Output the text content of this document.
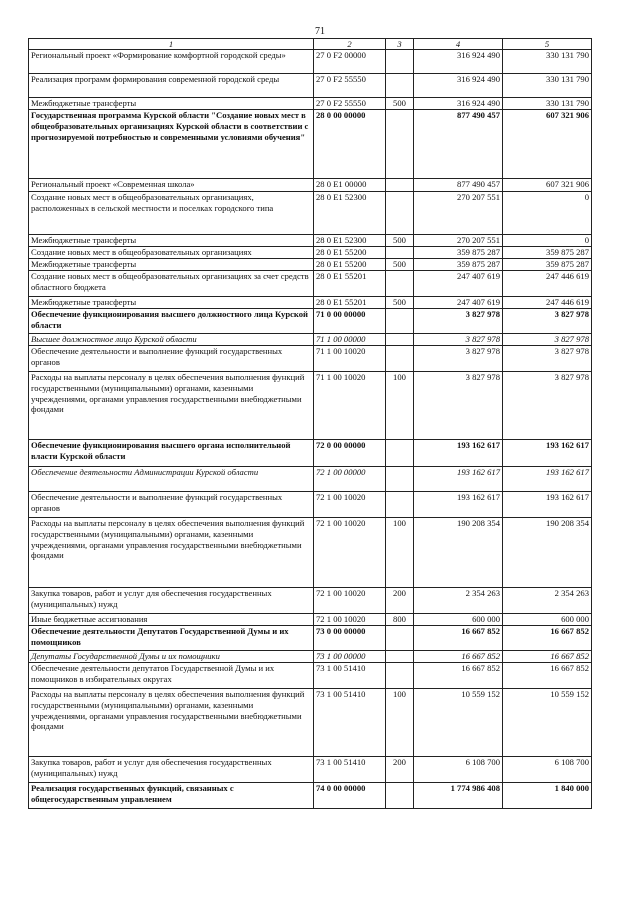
71
1	2	3	4	5
Региональный проект «Формирование комфортной городской среды»	27 0 F2 00000		316 924 490	330 131 790
Реализация программ формирования современной городской среды	27 0 F2 55550		316 924 490	330 131 790
Межбюджетные трансферты	27 0 F2 55550	500	316 924 490	330 131 790
Государственная программа Курской области "Создание новых мест в общеобразовательных организациях Курской области в соответствии с прогнозируемой потребностью и современными условиями обучения"	28 0 00 00000		877 490 457	607 321 906
Региональный проект «Современная школа»	28 0 E1 00000		877 490 457	607 321 906
Создание новых мест в общеобразовательных организациях, расположенных в сельской местности и поселках городского типа	28 0 E1 52300		270 207 551	0
Межбюджетные трансферты	28 0 E1 52300	500	270 207 551	0
Создание новых мест в общеобразовательных организациях	28 0 E1 55200		359 875 287	359 875 287
Межбюджетные трансферты	28 0 E1 55200	500	359 875 287	359 875 287
Создание новых мест в общеобразовательных организациях за счет средств областного бюджета	28 0 E1 55201		247 407 619	247 446 619
Межбюджетные трансферты	28 0 E1 55201	500	247 407 619	247 446 619
Обеспечение функционирования высшего должностного лица Курской области	71 0 00 00000		3 827 978	3 827 978
Высшее должностное лицо Курской области	71 1 00 00000		3 827 978	3 827 978
Обеспечение деятельности и выполнение функций государственных органов	71 1 00 10020		3 827 978	3 827 978
Расходы на выплаты персоналу в целях обеспечения выполнения функций государственными (муниципальными) органами, казенными учреждениями, органами управления государственными внебюджетными фондами	71 1 00 10020	100	3 827 978	3 827 978
Обеспечение функционирования высшего органа исполнительной власти Курской области	72 0 00 00000		193 162 617	193 162 617
Обеспечение деятельности Администрации Курской области	72 1 00 00000		193 162 617	193 162 617
Обеспечение деятельности и выполнение функций государственных органов	72 1 00 10020		193 162 617	193 162 617
Расходы на выплаты персоналу в целях обеспечения выполнения функций государственными (муниципальными) органами, казенными учреждениями, органами управления государственными внебюджетными фондами	72 1 00 10020	100	190 208 354	190 208 354
Закупка товаров, работ и услуг для обеспечения государственных (муниципальных) нужд	72 1 00 10020	200	2 354 263	2 354 263
Иные бюджетные ассигнования	72 1 00 10020	800	600 000	600 000
Обеспечение деятельности Депутатов Государственной Думы и их помощников	73 0 00 00000		16 667 852	16 667 852
Депутаты Государственной Думы и их помощники	73 1 00 00000		16 667 852	16 667 852
Обеспечение деятельности депутатов Государственной Думы и их помощников в избирательных округах	73 1 00 51410		16 667 852	16 667 852
Расходы на выплаты персоналу в целях обеспечения выполнения функций государственными (муниципальными) органами, казенными учреждениями, органами управления государственными внебюджетными фондами	73 1 00 51410	100	10 559 152	10 559 152
Закупка товаров, работ и услуг для обеспечения государственных (муниципальных) нужд	73 1 00 51410	200	6 108 700	6 108 700
Реализация государственных функций, связанных с общегосударственным управлением	74 0 00 00000		1 774 986 408	1 840 000
